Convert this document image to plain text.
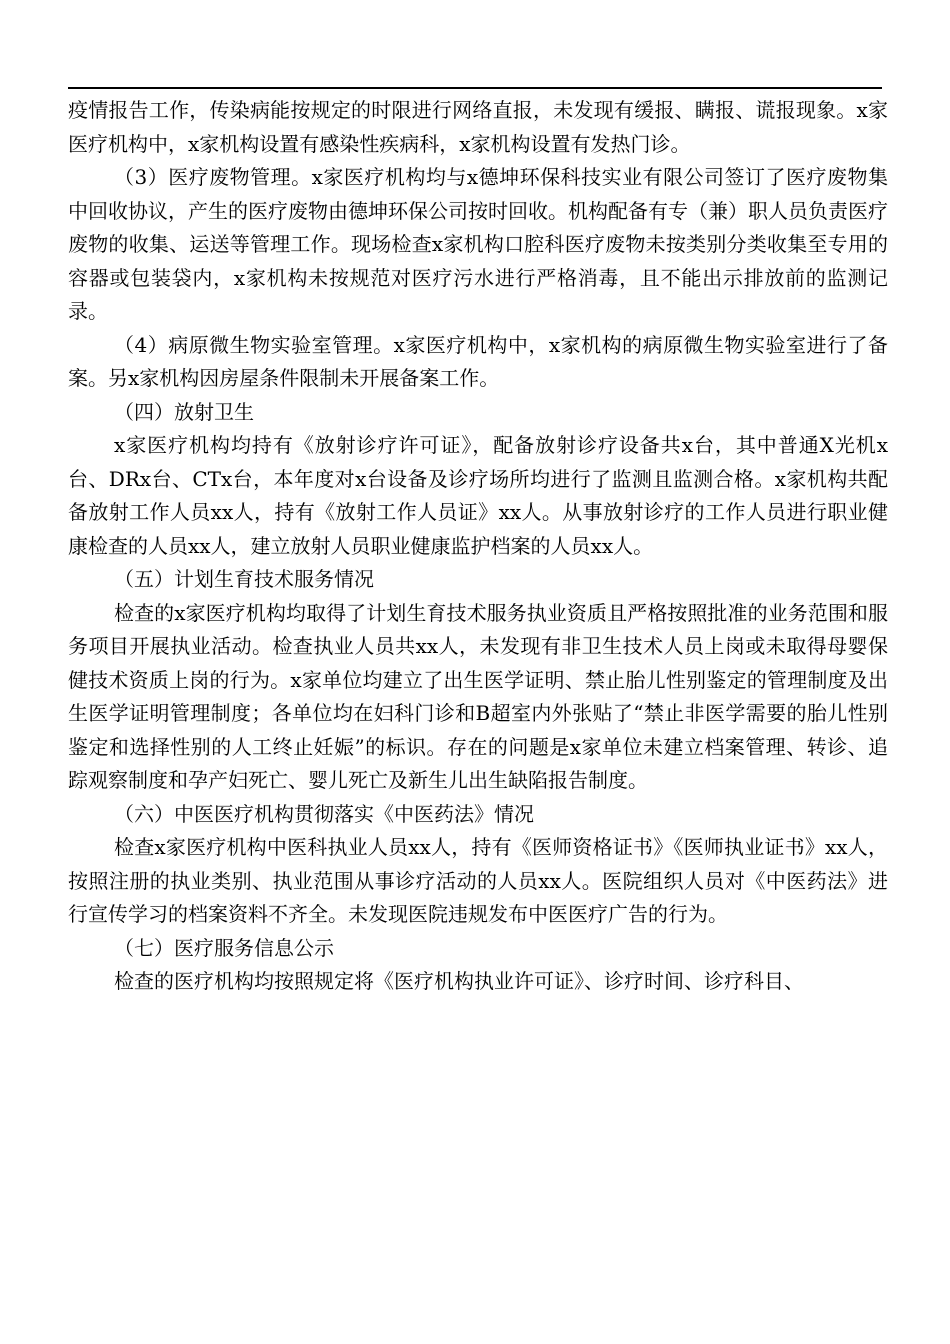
疫情报告工作，传染病能按规定的时限进行网络直报，未发现有缓报、瞒报、谎报现象。x家医疗机构中，x家机构设置有感染性疾病科，x家机构设置有发热门诊。

（3）医疗废物管理。x家医疗机构均与x德坤环保科技实业有限公司签订了医疗废物集中回收协议，产生的医疗废物由德坤环保公司按时回收。机构配备有专（兼）职人员负责医疗废物的收集、运送等管理工作。现场检查x家机构口腔科医疗废物未按类别分类收集至专用的容器或包装袋内，x家机构未按规范对医疗污水进行严格消毒，且不能出示排放前的监测记录。

（4）病原微生物实验室管理。x家医疗机构中，x家机构的病原微生物实验室进行了备案。另x家机构因房屋条件限制未开展备案工作。

（四）放射卫生

x家医疗机构均持有《放射诊疗许可证》，配备放射诊疗设备共x台，其中普通X光机x台、DRx台、CTx台，本年度对x台设备及诊疗场所均进行了监测且监测合格。x家机构共配备放射工作人员xx人，持有《放射工作人员证》xx人。从事放射诊疗的工作人员进行职业健康检查的人员xx人，建立放射人员职业健康监护档案的人员xx人。

（五）计划生育技术服务情况

检查的x家医疗机构均取得了计划生育技术服务执业资质且严格按照批准的业务范围和服务项目开展执业活动。检查执业人员共xx人，未发现有非卫生技术人员上岗或未取得母婴保健技术资质上岗的行为。x家单位均建立了出生医学证明、禁止胎儿性别鉴定的管理制度及出生医学证明管理制度；各单位均在妇科门诊和B超室内外张贴了“禁止非医学需要的胎儿性别鉴定和选择性别的人工终止妊娠”的标识。存在的问题是x家单位未建立档案管理、转诊、追踪观察制度和孕产妇死亡、婴儿死亡及新生儿出生缺陷报告制度。

（六）中医医疗机构贯彻落实《中医药法》情况

检查x家医疗机构中医科执业人员xx人，持有《医师资格证书》《医师执业证书》xx人，按照注册的执业类别、执业范围从事诊疗活动的人员xx人。医院组织人员对《中医药法》进行宣传学习的档案资料不齐全。未发现医院违规发布中医医疗广告的行为。

（七）医疗服务信息公示

检查的医疗机构均按照规定将《医疗机构执业许可证》、诊疗时间、诊疗科目、
